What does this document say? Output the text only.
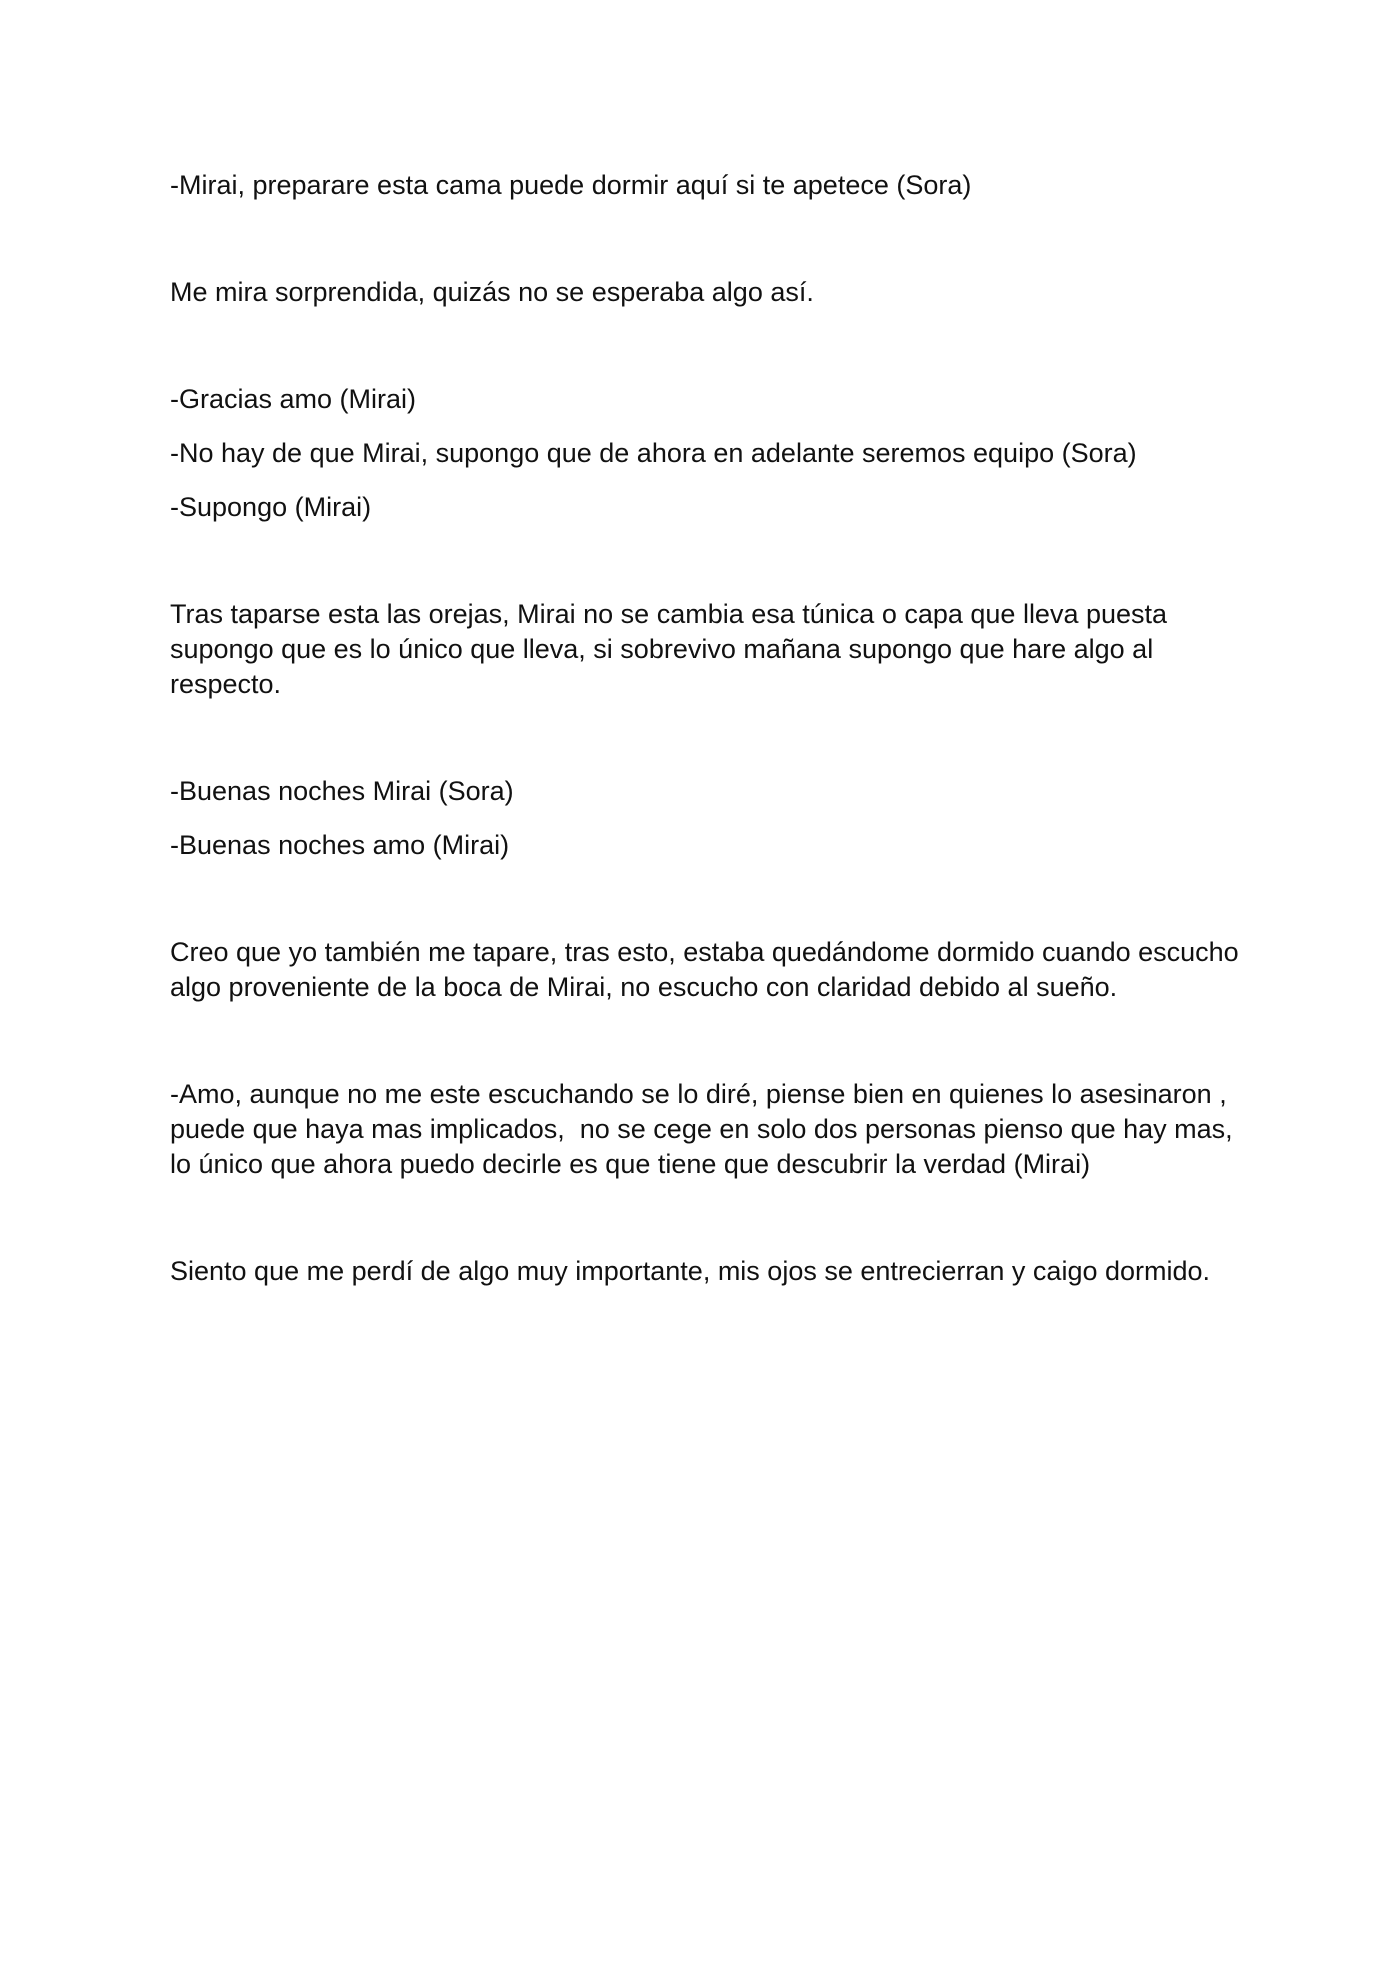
-Mirai, preparare esta cama puede dormir aquí si te apetece (Sora)

Me mira sorprendida, quizás no se esperaba algo así.

-Gracias amo (Mirai)

-No hay de que Mirai, supongo que de ahora en adelante seremos equipo (Sora)

-Supongo (Mirai)

Tras taparse esta las orejas, Mirai no se cambia esa túnica o capa que lleva puesta supongo que es lo único que lleva, si sobrevivo mañana supongo que hare algo al respecto.

-Buenas noches Mirai (Sora)

-Buenas noches amo (Mirai)

Creo que yo también me tapare, tras esto, estaba quedándome dormido cuando escucho algo proveniente de la boca de Mirai, no escucho con claridad debido al sueño.

-Amo, aunque no me este escuchando se lo diré, piense bien en quienes lo asesinaron , puede que haya mas implicados,  no se cege en solo dos personas pienso que hay mas, lo único que ahora puedo decirle es que tiene que descubrir la verdad (Mirai)

Siento que me perdí de algo muy importante, mis ojos se entrecierran y caigo dormido.
